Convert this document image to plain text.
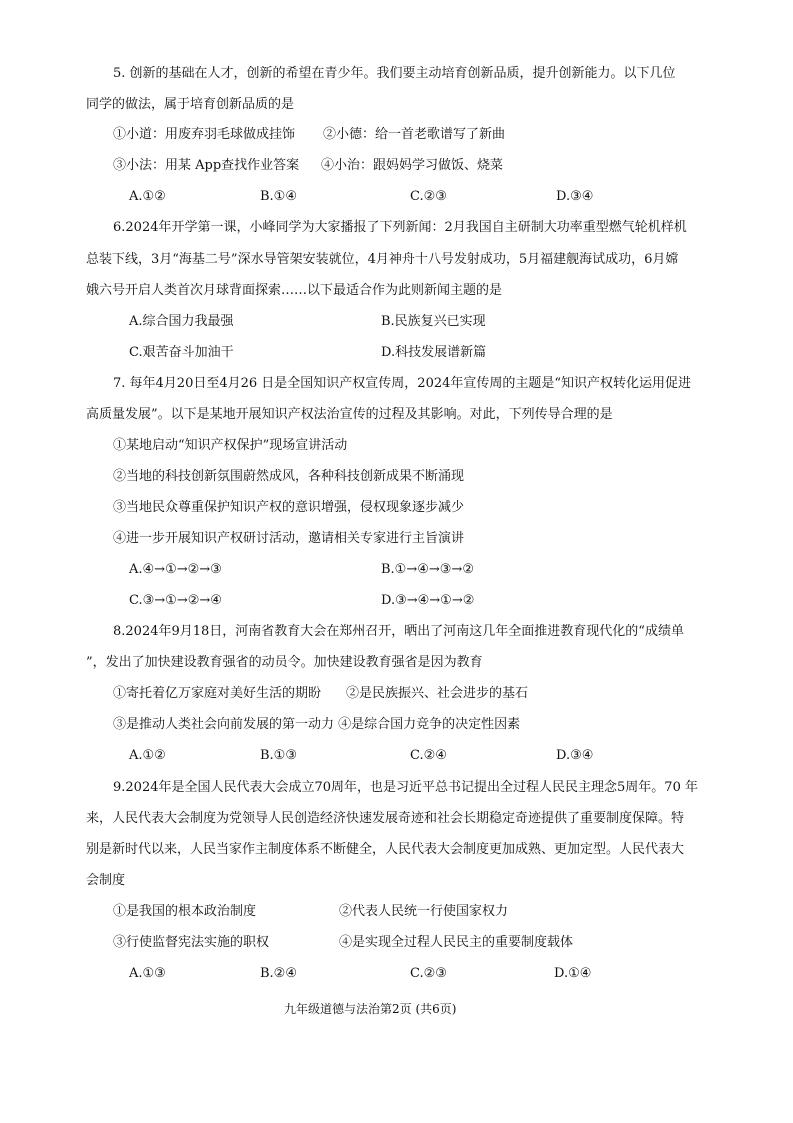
5. 创新的基础在人才，创新的希望在青少年。我们要主动培育创新品质，提升创新能力。以下几位
同学的做法，属于培育创新品质的是
①小道：用废弃羽毛球做成挂饰 ②小德：给一首老歌谱写了新曲
③小法：用某 App查找作业答案 ④小治：跟妈妈学习做饭、烧菜
A.①②	B.①④	C.②③	D.③④
6.2024年开学第一课，小峰同学为大家播报了下列新闻：2月我国自主研制大功率重型燃气轮机样机
总装下线，3月“海基二号”深水导管架安装就位，4月神舟十八号发射成功，5月福建舰海试成功，6月嫦
娥六号开启人类首次月球背面探索……以下最适合作为此则新闻主题的是
A.综合国力我最强	B.民族复兴已实现
C.艰苦奋斗加油干	D.科技发展谱新篇
7. 每年4月20日至4月26 日是全国知识产权宣传周，2024年宣传周的主题是“知识产权转化运用促进
高质量发展”。以下是某地开展知识产权法治宣传的过程及其影响。对此，下列传导合理的是
①某地启动“知识产权保护”现场宣讲活动
②当地的科技创新氛围蔚然成风，各种科技创新成果不断涌现
③当地民众尊重保护知识产权的意识增强，侵权现象逐步减少
④进一步开展知识产权研讨活动，邀请相关专家进行主旨演讲
A.④→①→②→③	B.①→④→③→②
C.③→①→②→④	D.③→④→①→②
8.2024年9月18日，河南省教育大会在郑州召开，晒出了河南这几年全面推进教育现代化的“成绩单
”，发出了加快建设教育强省的动员令。加快建设教育强省是因为教育
①寄托着亿万家庭对美好生活的期盼 ②是民族振兴、社会进步的基石
③是推动人类社会向前发展的第一动力 ④是综合国力竞争的决定性因素
A.①②	B.①③	C.②④	D.③④
9.2024年是全国人民代表大会成立70周年，也是习近平总书记提出全过程人民民主理念5周年。70 年
来，人民代表大会制度为党领导人民创造经济快速发展奇迹和社会长期稳定奇迹提供了重要制度保障。特
别是新时代以来，人民当家作主制度体系不断健全，人民代表大会制度更加成熟、更加定型。人民代表大
会制度
①是我国的根本政治制度	②代表人民统一行使国家权力
③行使监督宪法实施的职权	④是实现全过程人民民主的重要制度载体
A.①③	B.②④	C.②③	D.①④
九年级道德与法治第2页 (共6页)
